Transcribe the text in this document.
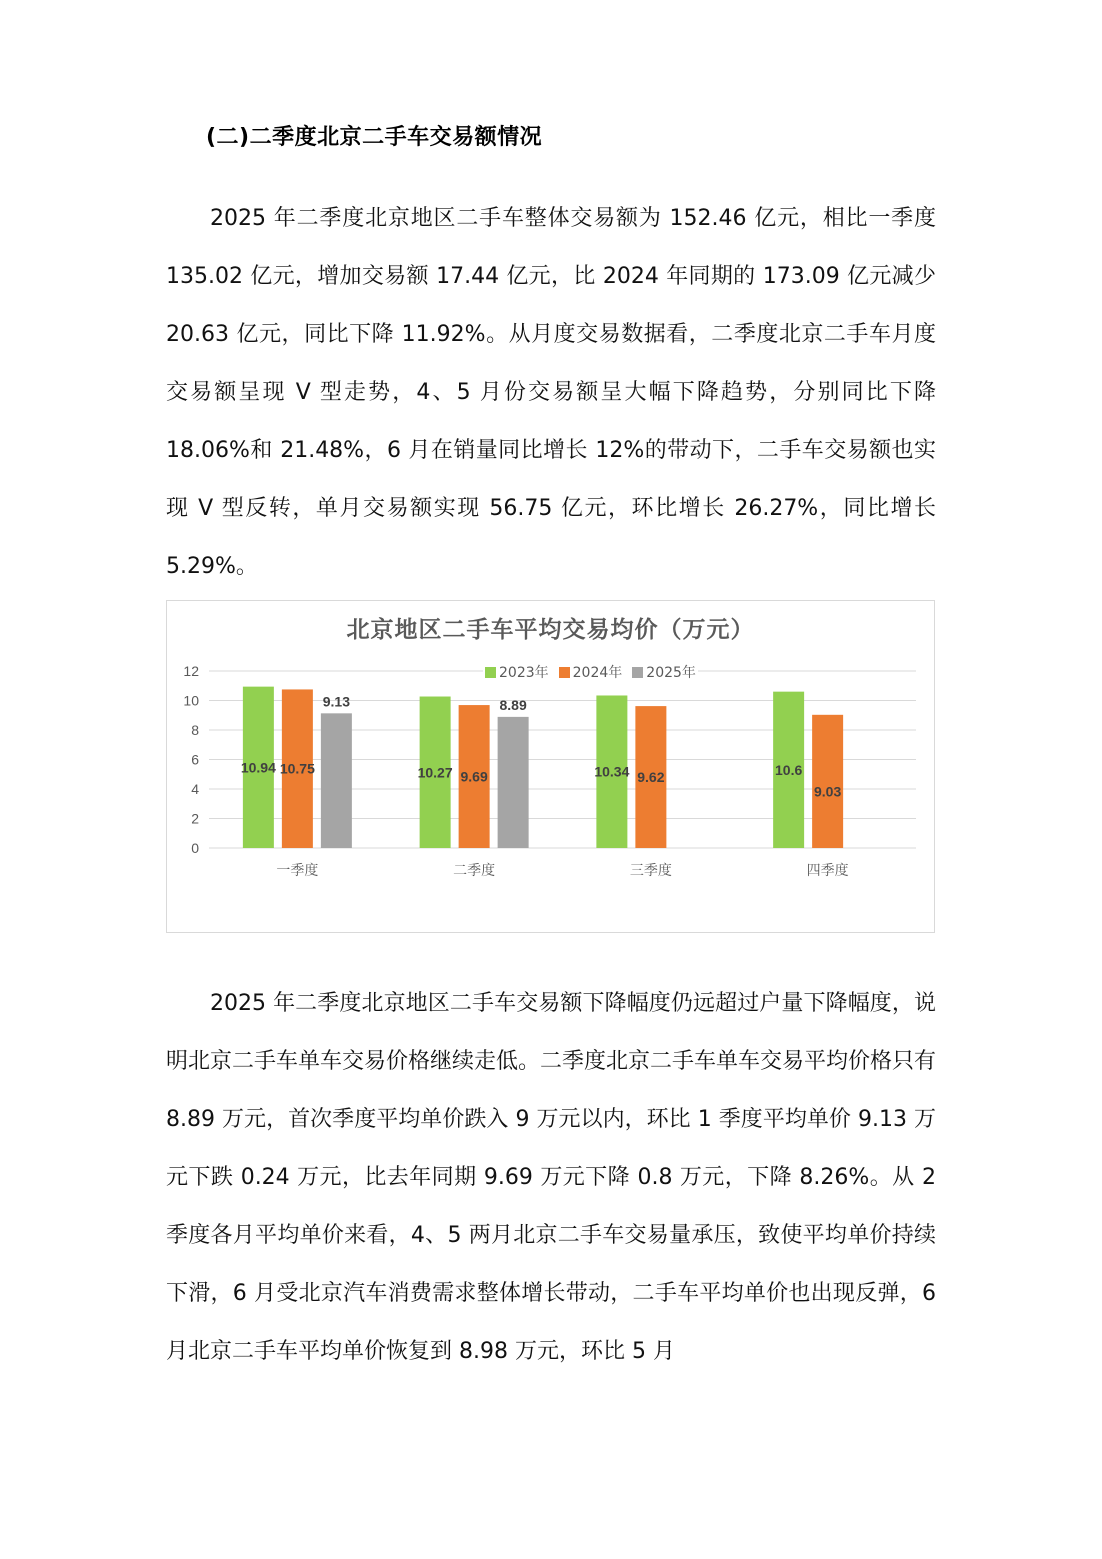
(二)二季度北京二手车交易额情况

2025 年二季度北京地区二手车整体交易额为 152.46 亿元，相比一季度 135.02 亿元，增加交易额 17.44 亿元，比 2024 年同期的 173.09 亿元减少 20.63 亿元，同比下降 11.92%。从月度交易数据看，二季度北京二手车月度交易额呈现 V 型走势，4、5 月份交易额呈大幅下降趋势，分别同比下降 18.06%和 21.48%，6 月在销量同比增长 12%的带动下，二手车交易额也实现 V 型反转，单月交易额实现 56.75 亿元，环比增长 26.27%，同比增长 5.29%。

北京地区二手车平均交易均价（万元）
0
2
4
6
8
10
12
10.94 10.75
9.13
一季度
10.27 9.69
8.89
二季度
10.34 9.62
三季度
10.6
9.03
四季度
2023年 2024年 2025年

2025 年二季度北京地区二手车交易额下降幅度仍远超过户量下降幅度，说明北京二手车单车交易价格继续走低。二季度北京二手车单车交易平均价格只有 8.89 万元，首次季度平均单价跌入 9 万元以内，环比 1 季度平均单价 9.13 万元下跌 0.24 万元，比去年同期 9.69 万元下降 0.8 万元，下降 8.26%。从 2 季度各月平均单价来看，4、5 两月北京二手车交易量承压，致使平均单价持续下滑，6 月受北京汽车消费需求整体增长带动，二手车平均单价也出现反弹，6 月北京二手车平均单价恢复到 8.98 万元，环比 5 月
